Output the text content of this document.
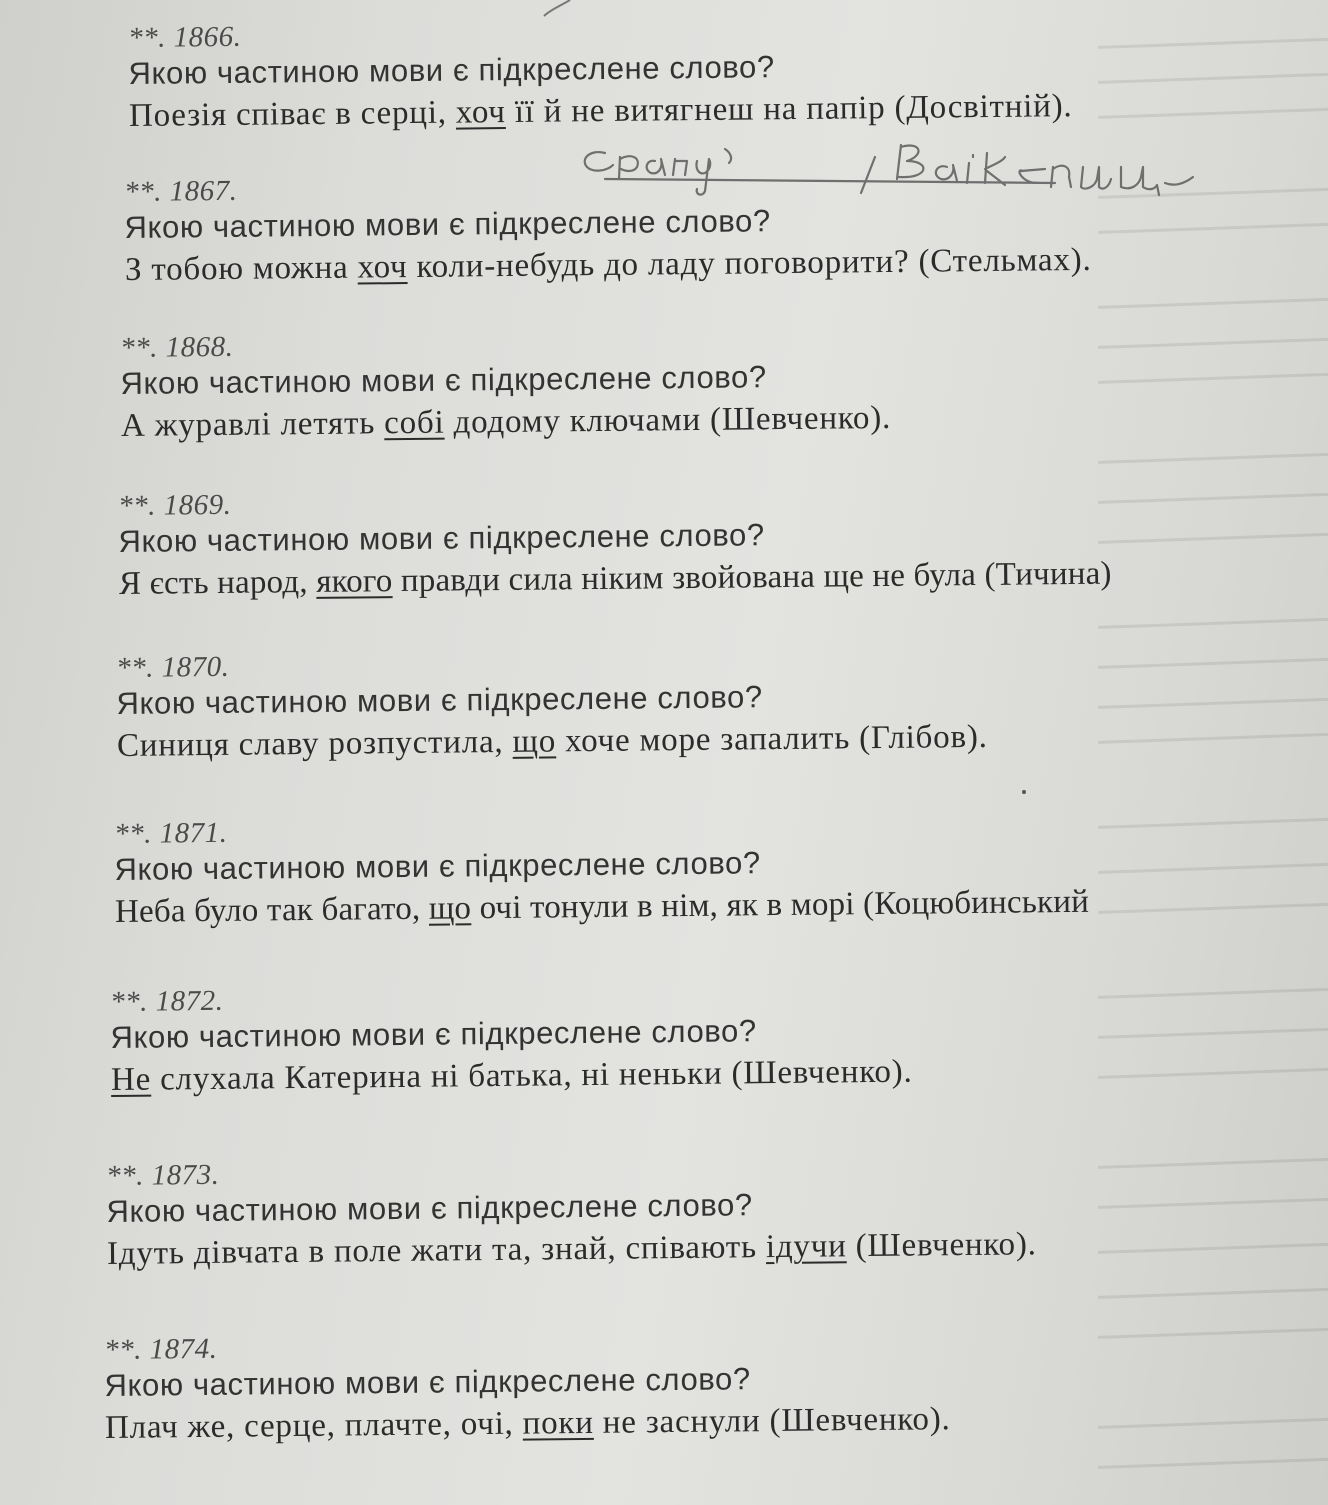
**. 1866.
Якою частиною мови є підкреслене слово?
Поезія співає в серці, хоч її й не витягнеш на папір (Досвітній).
**. 1867.
Якою частиною мови є підкреслене слово?
З тобою можна хоч коли-небудь до ладу поговорити? (Стельмах).
**. 1868.
Якою частиною мови є підкреслене слово?
А журавлі летять собі додому ключами (Шевченко).
**. 1869.
Якою частиною мови є підкреслене слово?
Я єсть народ, якого правди сила ніким звойована ще не була (Тичина)
**. 1870.
Якою частиною мови є підкреслене слово?
Синиця славу розпустила, що хоче море запалить (Глібов).
**. 1871.
Якою частиною мови є підкреслене слово?
Неба було так багато, що очі тонули в нім, як в морі (Коцюбинський
**. 1872.
Якою частиною мови є підкреслене слово?
Не слухала Катерина ні батька, ні неньки (Шевченко).
**. 1873.
Якою частиною мови є підкреслене слово?
Ідуть дівчата в поле жати та, знай, співають ідучи (Шевченко).
**. 1874.
Якою частиною мови є підкреслене слово?
Плач же, серце, плачте, очі, поки не заснули (Шевченко).
